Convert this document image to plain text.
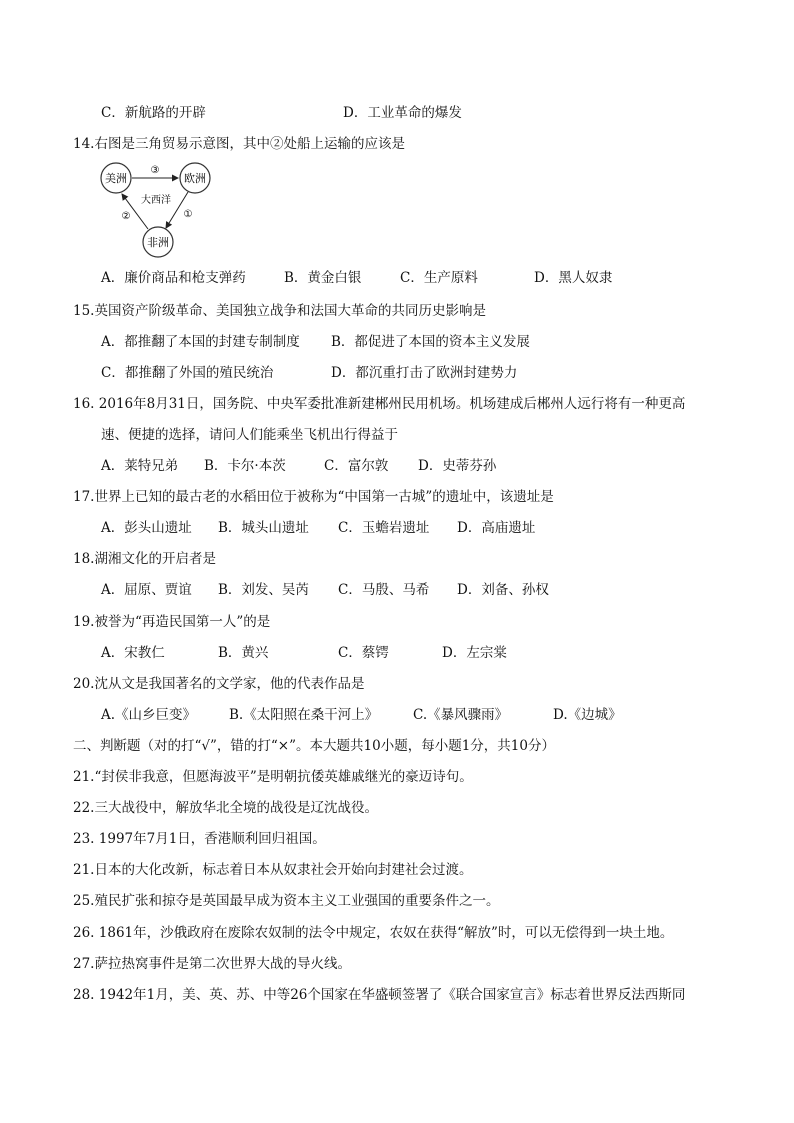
C．新航路的开辟	D．工业革命的爆发
14.右图是三角贸易示意图，其中②处船上运输的应该是
美洲	欧洲
非洲
③
大西洋
①
②
A．廉价商品和枪支弹药	B．黄金白银	C．生产原料	D．黑人奴隶
15.英国资产阶级革命、美国独立战争和法国大革命的共同历史影响是
A．都推翻了本国的封建专制制度 B．都促进了本国的资本主义发展
C．都推翻了外国的殖民统治	D．都沉重打击了欧洲封建势力
16. 2016年8月31日，国务院、中央军委批准新建郴州民用机场。机场建成后郴州人远行将有一种更高
速、便捷的选择，请问人们能乘坐飞机出行得益于
A．莱特兄弟 B．卡尔·本茨	C．富尔敦 D．史蒂芬孙
17.世界上已知的最古老的水稻田位于被称为“中国第一古城”的遗址中，该遗址是
A．彭头山遗址 B．城头山遗址 C．玉蟾岩遗址 D．高庙遗址
18.湖湘文化的开启者是
A．屈原、贾谊 B．刘发、吴芮 C．马殷、马希 D．刘备、孙权
19.被誉为“再造民国第一人”的是
A．宋教仁	B．黄兴	C．蔡锷	D．左宗棠
20.沈从文是我国著名的文学家，他的代表作品是
A.《山乡巨变》 B.《太阳照在桑干河上》	C.《暴风骤雨》	D.《边城》
二、判断题（对的打“√”，错的打“×”。本大题共10小题，每小题1分，共10分）
21.“封侯非我意，但愿海波平”是明朝抗倭英雄戚继光的豪迈诗句。
22.三大战役中，解放华北全境的战役是辽沈战役。
23. 1997年7月1日，香港顺利回归祖国。
21.日本的大化改新，标志着日本从奴隶社会开始向封建社会过渡。
25.殖民扩张和掠夺是英国最早成为资本主义工业强国的重要条件之一。
26. 1861年，沙俄政府在废除农奴制的法令中规定，农奴在获得“解放”时，可以无偿得到一块土地。
27.萨拉热窝事件是第二次世界大战的导火线。
28. 1942年1月，美、英、苏、中等26个国家在华盛顿签署了《联合国家宣言》标志着世界反法西斯同
